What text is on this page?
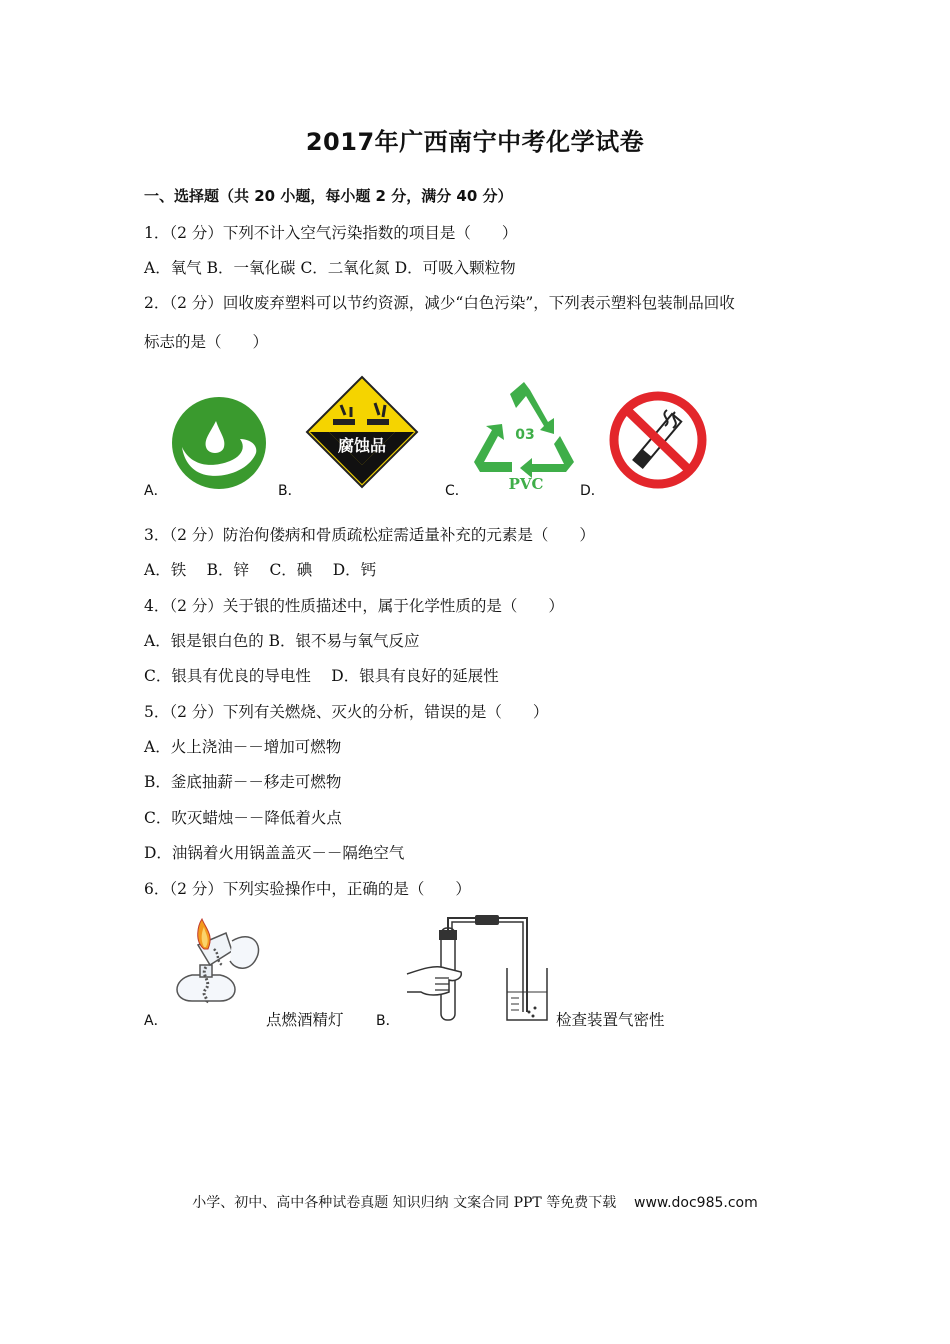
2017年广西南宁中考化学试卷
一、选择题（共 20 小题，每小题 2 分，满分 40 分）
1．（2 分）下列不计入空气污染指数的项目是（　　）
A．氧气 B．一氧化碳 C．二氧化氮 D．可吸入颗粒物
2．（2 分）回收废弃塑料可以节约资源，减少“白色污染”，下列表示塑料包装制品回收
标志的是（　　）
A．	B．	C．	D．
腐蚀品
03
PVC
3．（2 分）防治佝偻病和骨质疏松症需适量补充的元素是（　　）
A．铁　 B．锌　 C．碘　 D．钙
4．（2 分）关于银的性质描述中，属于化学性质的是（　　）
A．银是银白色的 B．银不易与氧气反应
C．银具有优良的导电性　 D．银具有良好的延展性
5．（2 分）下列有关燃烧、灭火的分析，错误的是（　　）
A．火上浇油－－增加可燃物
B．釜底抽薪－－移走可燃物
C．吹灭蜡烛－－降低着火点
D．油锅着火用锅盖盖灭－－隔绝空气
6．（2 分）下列实验操作中，正确的是（　　）
A．	点燃酒精灯 B．	检查装置气密性
小学、初中、高中各种试卷真题 知识归纳 文案合同 PPT 等免费下载 www.doc985.com
